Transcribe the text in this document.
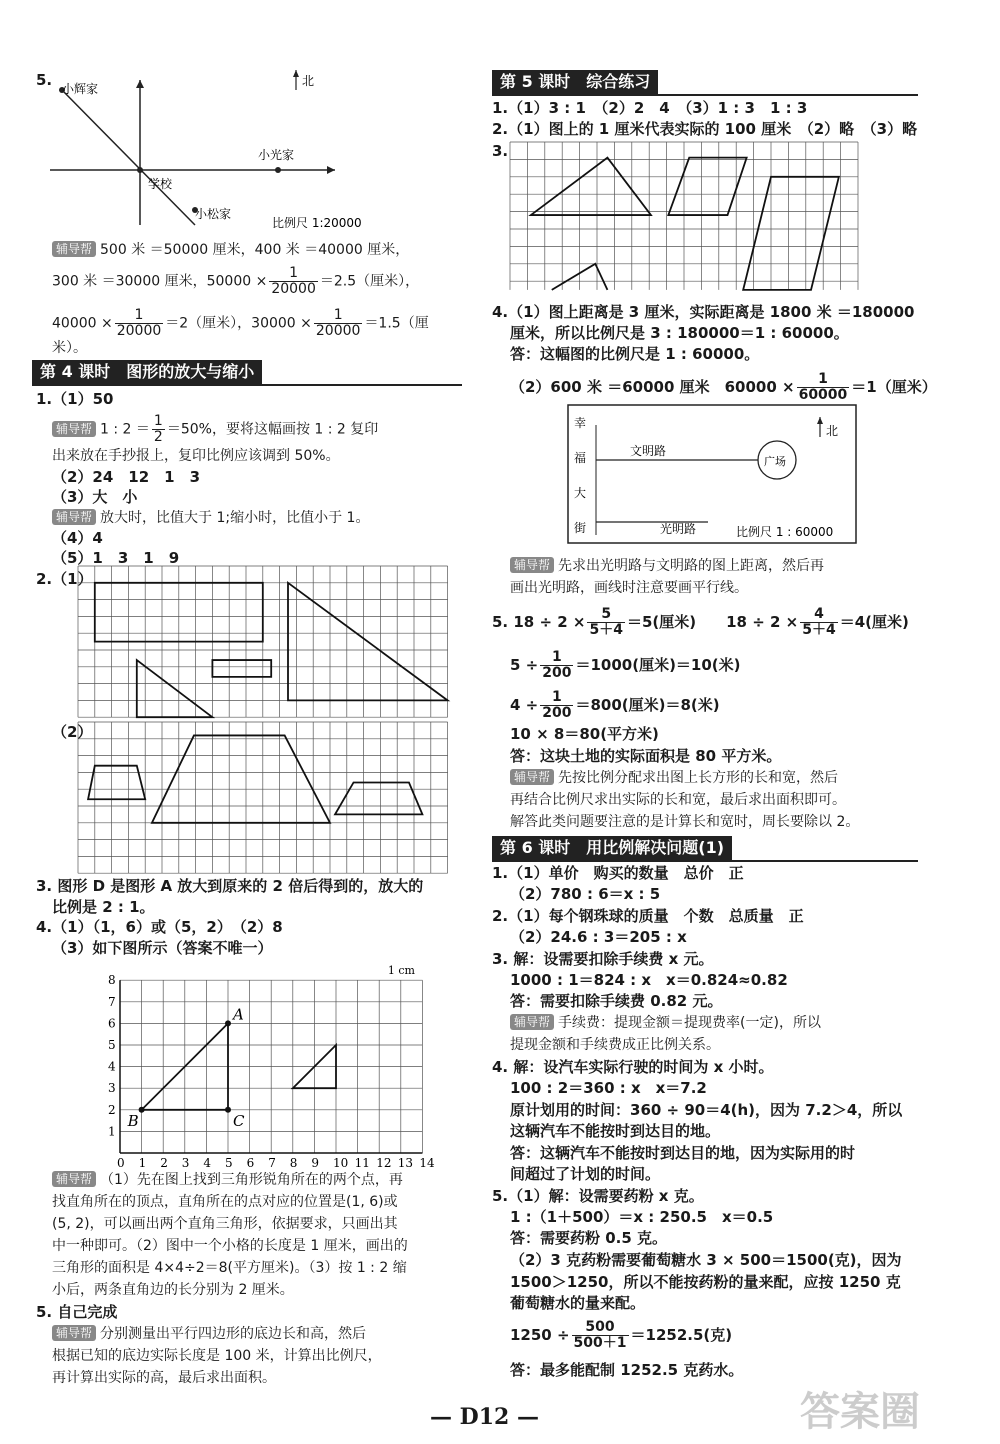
5. 小辉家
北
小光家
学校
小松家
比例尺 1:20000
辅导帮 500 米 ＝50000 厘米，400 米 ＝40000 厘米，
300 米 ＝30000 厘米，$50000 \times \frac{1}{20000} =2.5$（厘米），
$40000 \times \frac{1}{20000} =2$（厘米），$30000 \times \frac{1}{20000} =1.5$（厘
米）。
第 4 课时　图形的放大与缩小
1.（1）50
辅导帮 1 : $2 = \frac{1}{2} =50\%$，要将这幅画按 1 : 2 复印
出来放在手抄报上，复印比例应该调到 50%。
（2）24　12　1　3
（3）大　小
辅导帮 放大时，比值大于 1;缩小时，比值小于 1。
（4）4
（5）1　3　1　9
2.（1）
（2）
3. 图形 D 是图形 A 放大到原来的 2 倍后得到的，放大的
比例是 2 : 1。
4.（1）（1，6）或（5，2）　（2）8
（3）如下图所示（答案不唯一）
0 1 2 3 4 5 6 7 8 9 10 11 12 13 14
1
2
3
4
5
6
7
8
1 cm
A
B	C
辅导帮 （1）先在图上找到三角形锐角所在的两个点，再
找直角所在的顶点，直角所在的点对应的位置是(1, 6)或
(5, 2)，可以画出两个直角三角形，依据要求，只画出其
中一种即可。（2）图中一个小格的长度是 1 厘米，画出的
三角形的面积是 4×4÷2＝8(平方厘米)。（3）按 1 : 2 缩
小后，两条直角边的长分别为 2 厘米。
5. 自己完成
辅导帮 分别测量出平行四边形的底边长和高，然后
根据已知的底边实际长度是 100 米，计算出比例尺，
再计算出实际的高，最后求出面积。
第 5 课时　综合练习
1.（1）3 : 1　（2）2　4　（3）1 : 3　1 : 3
2.（1）图上的 1 厘米代表实际的 100 厘米　（2）略　（3）略
3.
4.（1）图上距离是 3 厘米，实际距离是 1800 米 ＝180000
厘米，所以比例尺是 3 : 180000＝1 : 60000。
答：这幅图的比例尺是 1 : 60000。
（2）600 米 ＝60000 厘米　$60000 \times \frac{1}{60000} =1$（厘米）
幸
福
大
街
文明路
光明路
广场
北
比例尺 1 : 60000
辅导帮 先求出光明路与文明路的图上距离，然后再
画出光明路，画线时注意要画平行线。
5. $18 \div 2 \times \frac{5}{5+4} =5$(厘米)　　$18 \div 2 \times \frac{4}{5+4} =4$(厘米)
$5 \div \frac{1}{200} =1000$(厘米)＝10(米)
$4 \div \frac{1}{200} =800$(厘米)＝8(米)
10 × 8＝80(平方米)
答：这块土地的实际面积是 80 平方米。
辅导帮 先按比例分配求出图上长方形的长和宽，然后
再结合比例尺求出实际的长和宽，最后求出面积即可。
解答此类问题要注意的是计算长和宽时，周长要除以 2。
第 6 课时　用比例解决问题(1)
1.（1）单价　购买的数量　总价　正
（2）780 : 6＝x : 5
2.（1）每个钢珠球的质量　个数　总质量　正
（2）24.6 : 3＝205 : x
3. 解：设需要扣除手续费 x 元。
1000 : 1＝824 : x　x＝0.824≈0.82
答：需要扣除手续费 0.82 元。
辅导帮 手续费：提现金额＝提现费率(一定)，所以
提现金额和手续费成正比例关系。
4. 解：设汽车实际行驶的时间为 x 小时。
100 : 2＝360 : x　x＝7.2
原计划用的时间：360 ÷ 90＝4(h)，因为 7.2＞4，所以
这辆汽车不能按时到达目的地。
答：这辆汽车不能按时到达目的地，因为实际用的时
间超过了计划的时间。
5.（1）解：设需要药粉 x 克。
1 :（1＋500）＝x : 250.5　x＝0.5
答：需要药粉 0.5 克。
（2）3 克药粉需要葡萄糖水 3 × 500＝1500(克)，因为
1500＞1250，所以不能按药粉的量来配，应按 1250 克
葡萄糖水的量来配。
$1250 \div \frac{500}{500+1} =1252.5$(克)
答：最多能配制 1252.5 克药水。
— D12 —	答案圈
